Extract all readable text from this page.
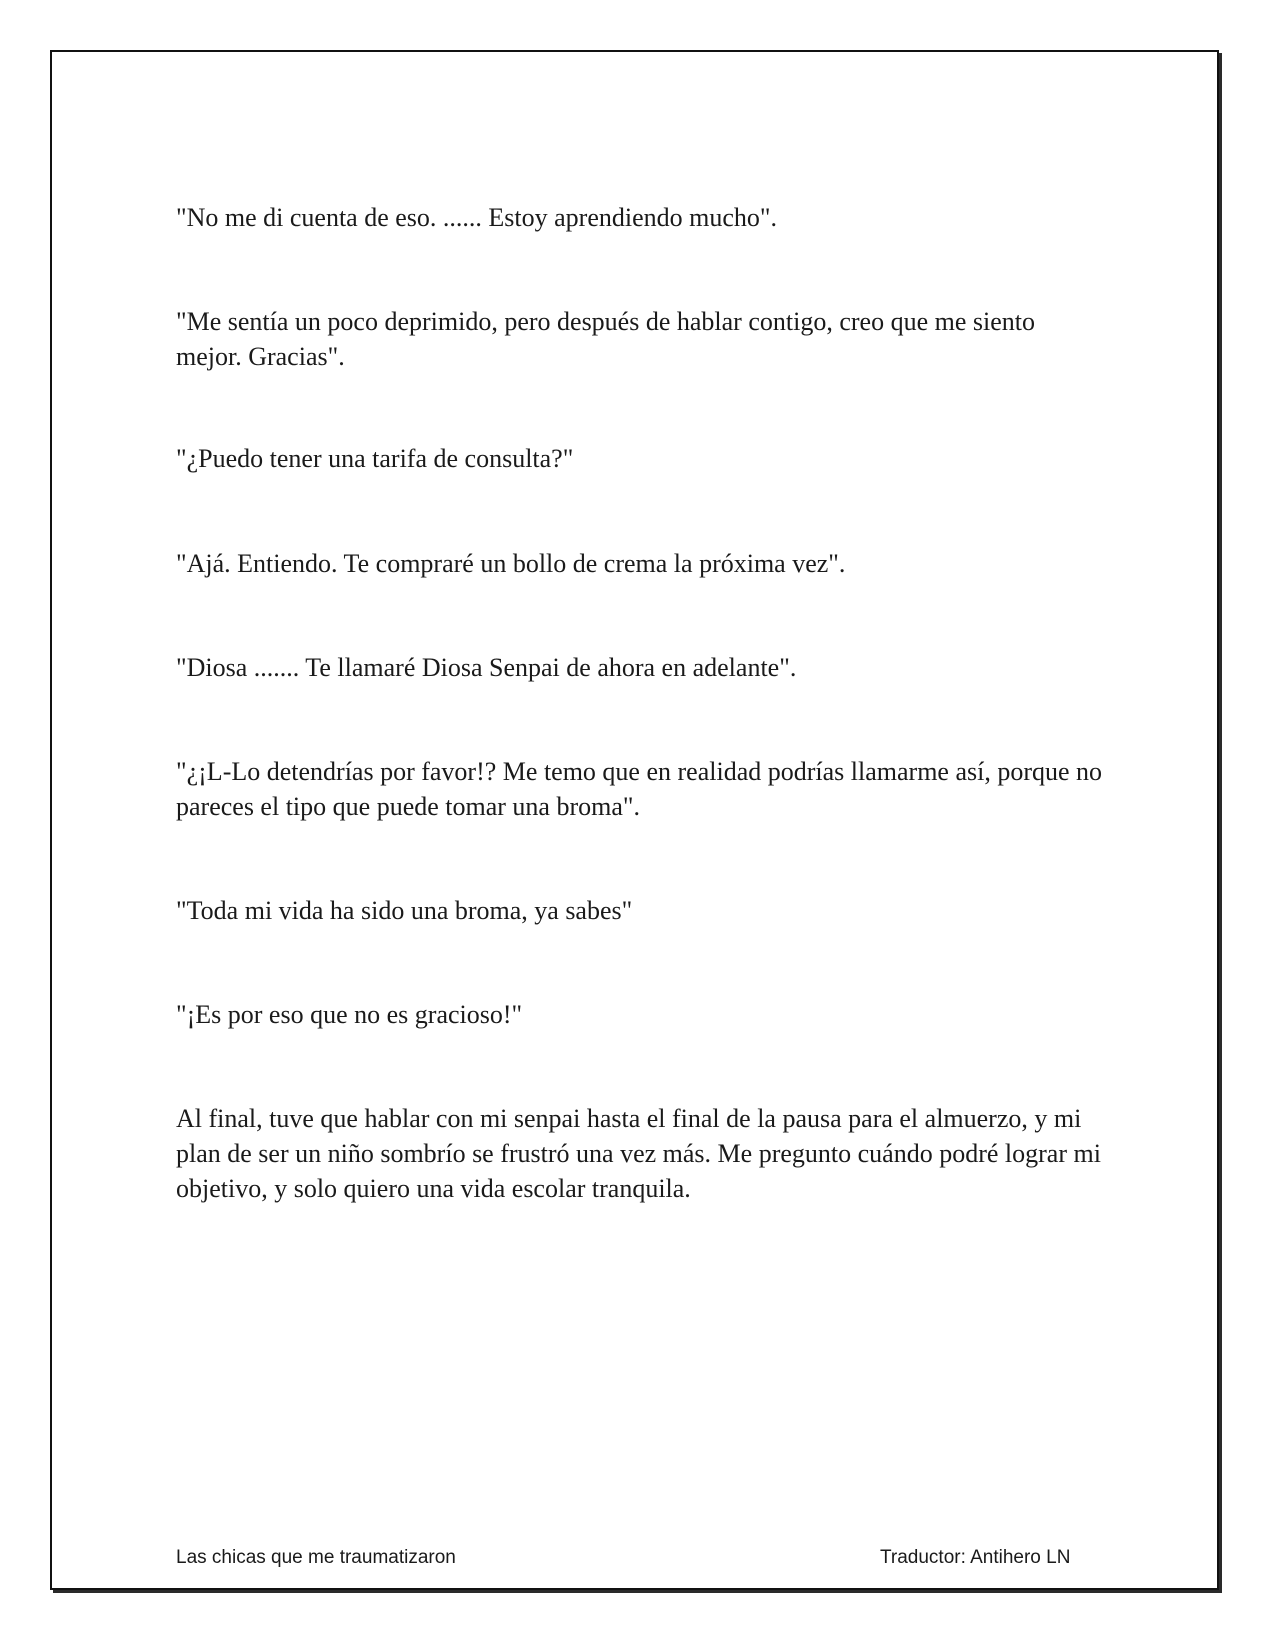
"No me di cuenta de eso. ...... Estoy aprendiendo mucho".

"Me sentía un poco deprimido, pero después de hablar contigo, creo que me siento mejor. Gracias".

"¿Puedo tener una tarifa de consulta?"

"Ajá. Entiendo. Te compraré un bollo de crema la próxima vez".

"Diosa ....... Te llamaré Diosa Senpai de ahora en adelante".

"¿¡L-Lo detendrías por favor!? Me temo que en realidad podrías llamarme así, porque no pareces el tipo que puede tomar una broma".

"Toda mi vida ha sido una broma, ya sabes"

"¡Es por eso que no es gracioso!"

Al final, tuve que hablar con mi senpai hasta el final de la pausa para el almuerzo, y mi plan de ser un niño sombrío se frustró una vez más. Me pregunto cuándo podré lograr mi objetivo, y solo quiero una vida escolar tranquila.

Las chicas que me traumatizaron	Traductor: Antihero LN
